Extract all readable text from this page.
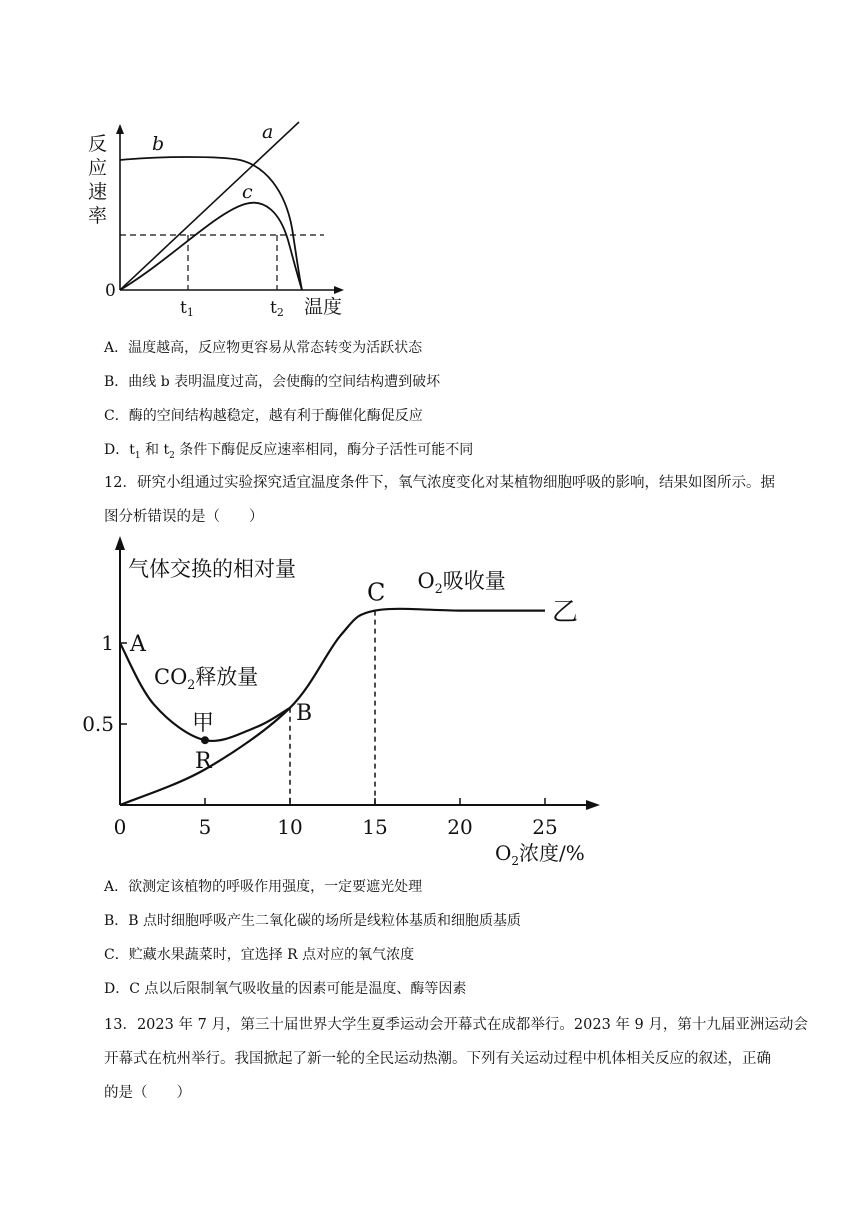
反
应
速
率
0
a
b
c
t1	t2 温度
A．温度越高，反应物更容易从常态转变为活跃状态
B．曲线 b 表明温度过高，会使酶的空间结构遭到破坏
C．酶的空间结构越稳定，越有利于酶催化酶促反应
D．$t_1$ 和 $t_2$ 条件下酶促反应速率相同，酶分子活性可能不同
12．研究小组通过实验探究适宜温度条件下，氧气浓度变化对某植物细胞呼吸的影响，结果如图所示。据
图分析错误的是（　　）
1
0.5
0	5	10	15	20	25
气体交换的相对量
A
B
C
R
甲
乙
$O_2$吸收量
$CO_2$释放量
$O_2$浓度/%
A．欲测定该植物的呼吸作用强度，一定要遮光处理
B．B 点时细胞呼吸产生二氧化碳的场所是线粒体基质和细胞质基质
C．贮藏水果蔬菜时，宜选择 R 点对应的氧气浓度
D．C 点以后限制氧气吸收量的因素可能是温度、酶等因素
13．2023 年 7 月，第三十届世界大学生夏季运动会开幕式在成都举行。2023 年 9 月，第十九届亚洲运动会
开幕式在杭州举行。我国掀起了新一轮的全民运动热潮。下列有关运动过程中机体相关反应的叙述，正确
的是（　　）
